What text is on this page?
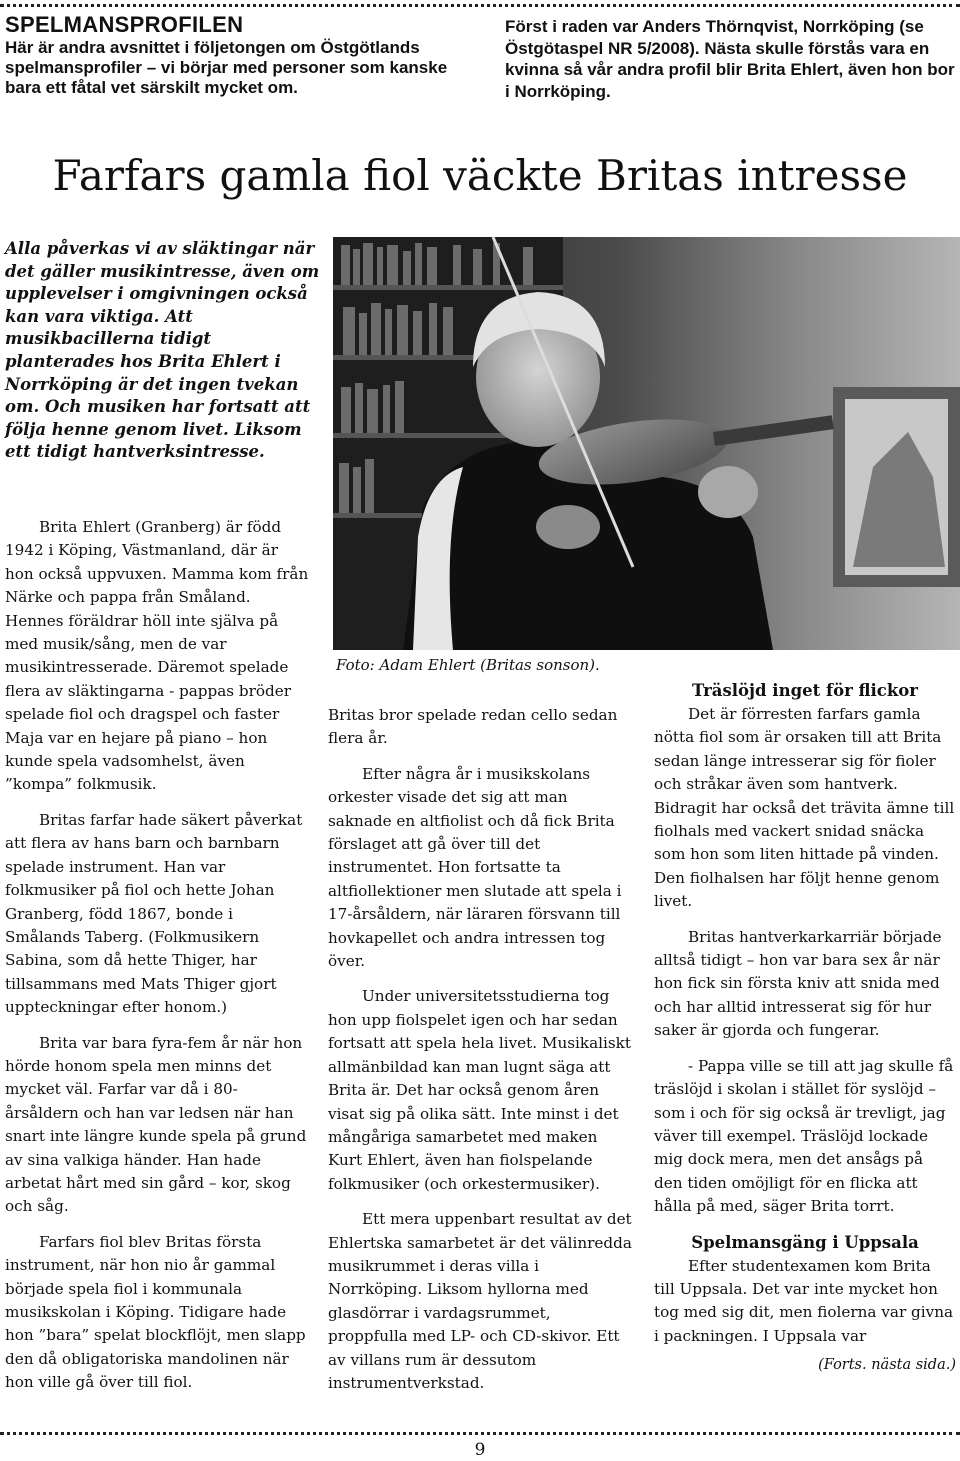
SPELMANSPROFILEN
Här är andra avsnittet i följetongen om Östgötlands spelmansprofiler – vi börjar med personer som kanske bara ett fåtal vet särskilt mycket om.
Först i raden var Anders Thörnqvist, Norrköping (se Östgötaspel NR 5/2008). Nästa skulle förstås vara en kvinna så vår andra profil blir Brita Ehlert, även hon bor i Norrköping.
Farfars gamla fiol väckte Britas intresse
Alla påverkas vi av släktingar när det gäller musikintresse, även om upplevelser i omgivningen också kan vara viktiga. Att musikbacillerna tidigt planterades hos Brita Ehlert i Norrköping är det ingen tvekan om. Och musiken har fortsatt att följa henne genom livet. Liksom ett tidigt hantverksintresse.
Foto: Adam Ehlert (Britas sonson).

Brita Ehlert (Granberg) är född 1942 i Köping, Västmanland, där är hon också uppvuxen. Mamma kom från Närke och pappa från Småland. Hennes föräldrar höll inte själva på med musik/sång, men de var musikintresserade. Däremot spelade flera av släktingarna - pappas bröder spelade fiol och dragspel och faster Maja var en hejare på piano – hon kunde spela vadsomhelst, även ”kompa” folkmusik.

Britas farfar hade säkert påverkat att flera av hans barn och barnbarn spelade instrument. Han var folkmusiker på fiol och hette Johan Granberg, född 1867, bonde i Smålands Taberg. (Folkmusikern Sabina, som då hette Thiger, har tillsammans med Mats Thiger gjort uppteckningar efter honom.)

Brita var bara fyra-fem år när hon hörde honom spela men minns det mycket väl. Farfar var då i 80-årsåldern och han var ledsen när han snart inte längre kunde spela på grund av sina valkiga händer. Han hade arbetat hårt med sin gård – kor, skog och såg.

Farfars fiol blev Britas första instrument, när hon nio år gammal började spela fiol i kommunala musikskolan i Köping. Tidigare hade hon ”bara” spelat blockflöjt, men slapp den då obligatoriska mandolinen när hon ville gå över till fiol.

Britas bror spelade redan cello sedan flera år.

Efter några år i musikskolans orkester visade det sig att man saknade en altfiolist och då fick Brita förslaget att gå över till det instrumentet. Hon fortsatte ta altfiollektioner men slutade att spela i 17-årsåldern, när läraren försvann till hovkapellet och andra intressen tog över.

Under universitetsstudierna tog hon upp fiolspelet igen och har sedan fortsatt att spela hela livet. Musikaliskt allmänbildad kan man lugnt säga att Brita är. Det har också genom åren visat sig på olika sätt. Inte minst i det mångåriga samarbetet med maken Kurt Ehlert, även han fiolspelande folkmusiker (och orkestermusiker).

Ett mera uppenbart resultat av det Ehlertska samarbetet är det välinredda musikrummet i deras villa i Norrköping. Liksom hyllorna med glasdörrar i vardagsrummet, proppfulla med LP- och CD-skivor. Ett av villans rum är dessutom instrumentverkstad.

Träslöjd inget för flickor

Det är förresten farfars gamla nötta fiol som är orsaken till att Brita sedan länge intresserar sig för fioler och stråkar även som hantverk. Bidragit har också det trävita ämne till fiolhals med vackert snidad snäcka som hon som liten hittade på vinden. Den fiolhalsen har följt henne genom livet.

Britas hantverkarkarriär började alltså tidigt – hon var bara sex år när hon fick sin första kniv att snida med och har alltid intresserat sig för hur saker är gjorda och fungerar.

- Pappa ville se till att jag skulle få träslöjd i skolan i stället för syslöjd – som i och för sig också är trevligt, jag väver till exempel. Träslöjd lockade mig dock mera, men det ansågs på den tiden omöjligt för en flicka att hålla på med, säger Brita torrt.

Spelmansgäng i Uppsala

Efter studentexamen kom Brita till Uppsala. Det var inte mycket hon tog med sig dit, men fiolerna var givna i packningen. I Uppsala var

(Forts. nästa sida.)

9
